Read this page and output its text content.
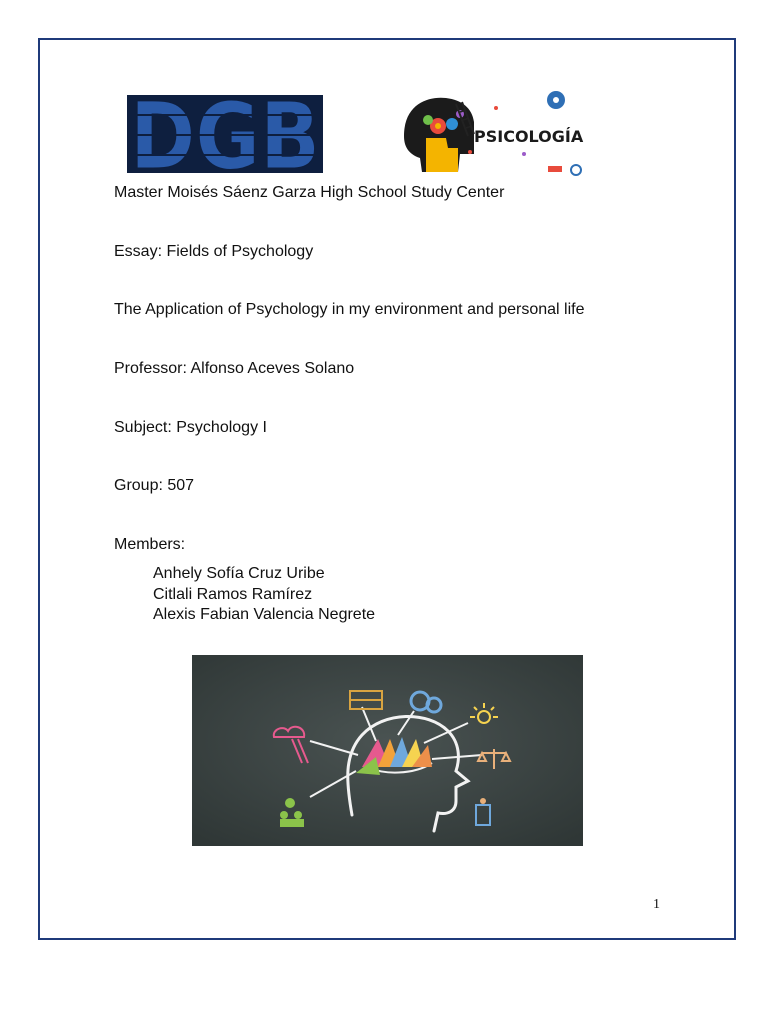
DGB	PSICOLOGÍA
Master Moisés Sáenz Garza High School Study Center
Essay: Fields of Psychology
The Application of Psychology in my environment and personal life
Professor: Alfonso Aceves Solano
Subject: Psychology I
Group: 507
Members:
Anhely Sofía Cruz Uribe
Citlali Ramos Ramírez
Alexis Fabian Valencia Negrete
1
